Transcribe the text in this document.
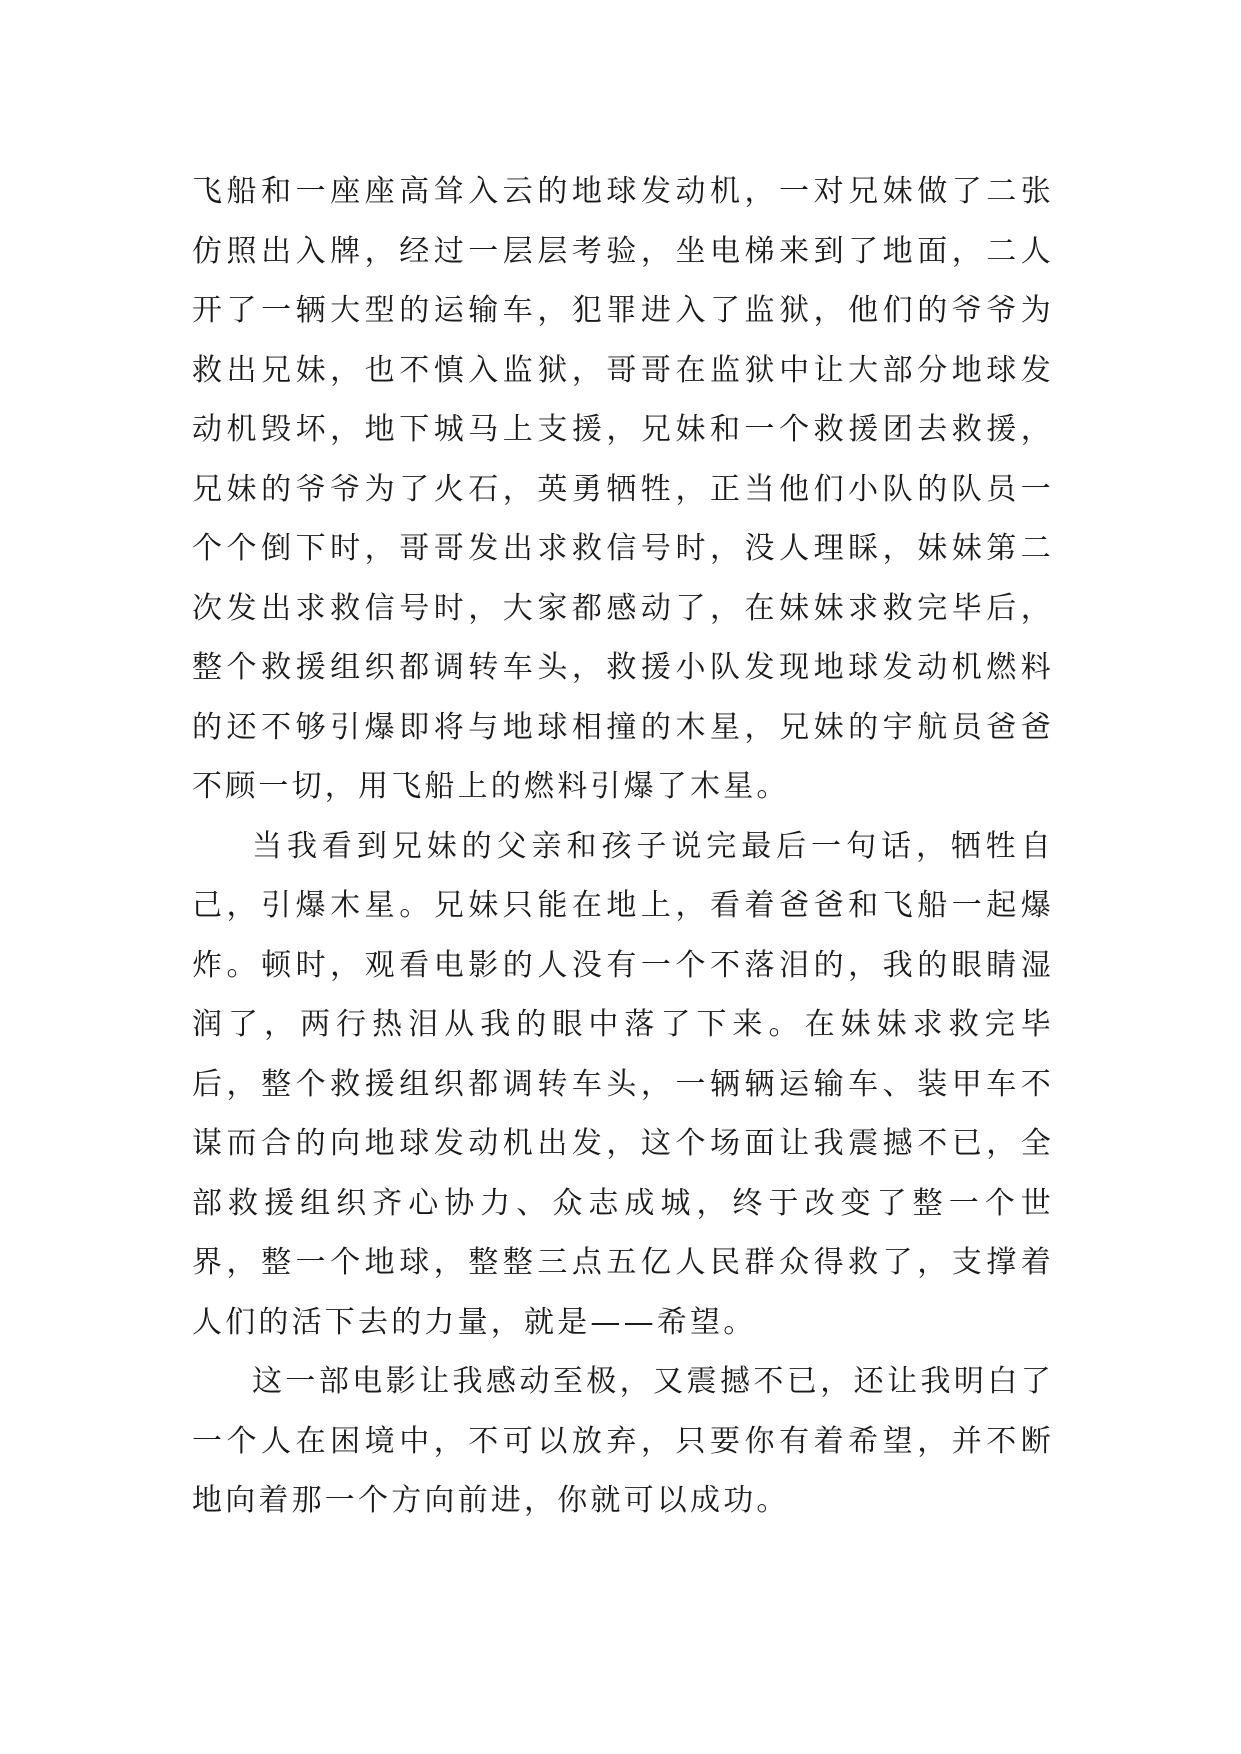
飞船和一座座高耸入云的地球发动机，一对兄妹做了二张仿照出入牌，经过一层层考验，坐电梯来到了地面，二人开了一辆大型的运输车，犯罪进入了监狱，他们的爷爷为救出兄妹，也不慎入监狱，哥哥在监狱中让大部分地球发动机毁坏，地下城马上支援，兄妹和一个救援团去救援，兄妹的爷爷为了火石，英勇牺牲，正当他们小队的队员一个个倒下时，哥哥发出求救信号时，没人理睬，妹妹第二次发出求救信号时，大家都感动了，在妹妹求救完毕后，整个救援组织都调转车头，救援小队发现地球发动机燃料的还不够引爆即将与地球相撞的木星，兄妹的宇航员爸爸不顾一切，用飞船上的燃料引爆了木星。

当我看到兄妹的父亲和孩子说完最后一句话，牺牲自己，引爆木星。兄妹只能在地上，看着爸爸和飞船一起爆炸。顿时，观看电影的人没有一个不落泪的，我的眼睛湿润了，两行热泪从我的眼中落了下来。在妹妹求救完毕后，整个救援组织都调转车头，一辆辆运输车、装甲车不谋而合的向地球发动机出发，这个场面让我震撼不已，全部救援组织齐心协力、众志成城，终于改变了整一个世界，整一个地球，整整三点五亿人民群众得救了，支撑着人们的活下去的力量，就是——希望。

这一部电影让我感动至极，又震撼不已，还让我明白了一个人在困境中，不可以放弃，只要你有着希望，并不断地向着那一个方向前进，你就可以成功。
